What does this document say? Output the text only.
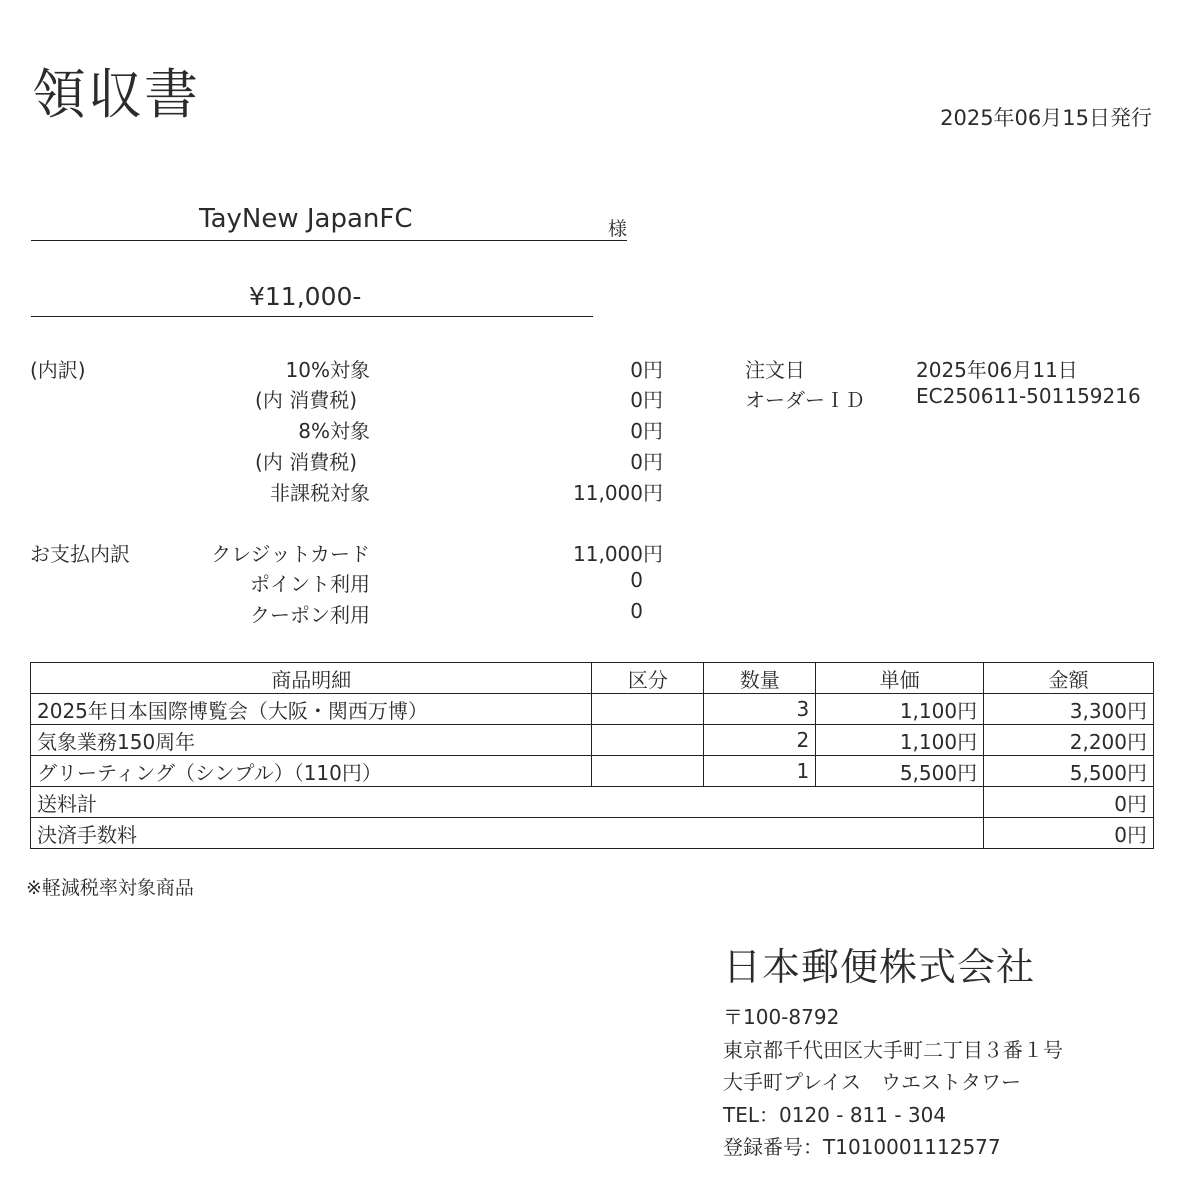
領収書	2025年06月15日発行
TayNew JapanFC	様
¥11,000-
(内訳)	10%対象	0円
(内 消費税)	0円
8%対象	0円
(内 消費税)	0円
非課税対象	11,000円
注文日	2025年06月11日
オーダーＩＤ	EC250611-501159216
お支払内訳	クレジットカード	11,000円
ポイント利用	0
クーポン利用	0
商品明細	区分	数量	単価	金額
2025年日本国際博覧会（大阪・関西万博）		3	1,100円	3,300円
気象業務150周年		2	1,100円	2,200円
グリーティング（シンプル）（110円）		1	5,500円	5,500円
送料計				0円
決済手数料				0円
※軽減税率対象商品
日本郵便株式会社
〒100-8792
東京都千代田区大手町二丁目３番１号
大手町プレイス　ウエストタワー
TEL：0120 - 811 - 304
登録番号：T1010001112577
